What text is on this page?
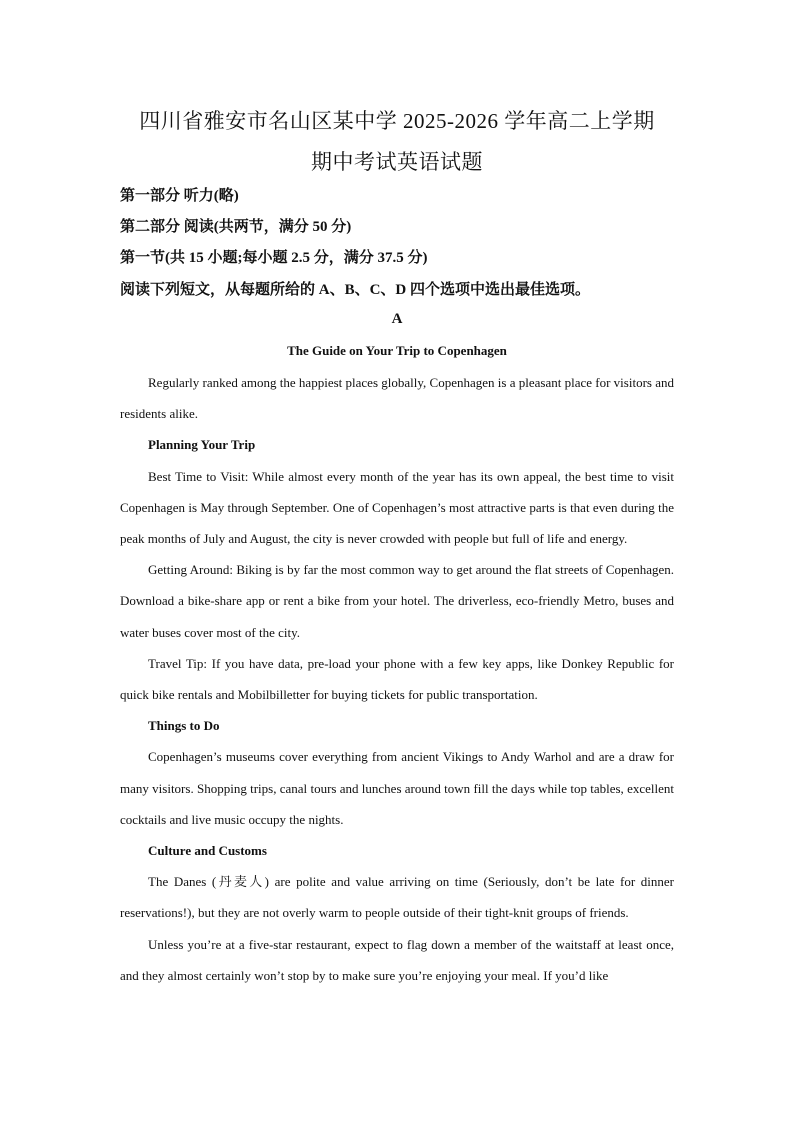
四川省雅安市名山区某中学 2025-2026 学年高二上学期
期中考试英语试题
第一部分 听力(略)
第二部分 阅读(共两节，满分 50 分)
第一节(共 15 小题;每小题 2.5 分，满分 37.5 分)
阅读下列短文，从每题所给的 A、B、C、D 四个选项中选出最佳选项。
A
The Guide on Your Trip to Copenhagen

Regularly ranked among the happiest places globally, Copenhagen is a pleasant place for visitors and residents alike.

Planning Your Trip

Best Time to Visit: While almost every month of the year has its own appeal, the best time to visit Copenhagen is May through September. One of Copenhagen’s most attractive parts is that even during the peak months of July and August, the city is never crowded with people but full of life and energy.

Getting Around: Biking is by far the most common way to get around the flat streets of Copenhagen. Download a bike-share app or rent a bike from your hotel. The driverless, eco-friendly Metro, buses and water buses cover most of the city.

Travel Tip: If you have data, pre-load your phone with a few key apps, like Donkey Republic for quick bike rentals and Mobilbilletter for buying tickets for public transportation.

Things to Do

Copenhagen’s museums cover everything from ancient Vikings to Andy Warhol and are a draw for many visitors. Shopping trips, canal tours and lunches around town fill the days while top tables, excellent cocktails and live music occupy the nights.

Culture and Customs

The Danes (丹麦人) are polite and value arriving on time (Seriously, don’t be late for dinner reservations!), but they are not overly warm to people outside of their tight-knit groups of friends.

Unless you’re at a five-star restaurant, expect to flag down a member of the waitstaff at least once, and they almost certainly won’t stop by to make sure you’re enjoying your meal. If you’d like
